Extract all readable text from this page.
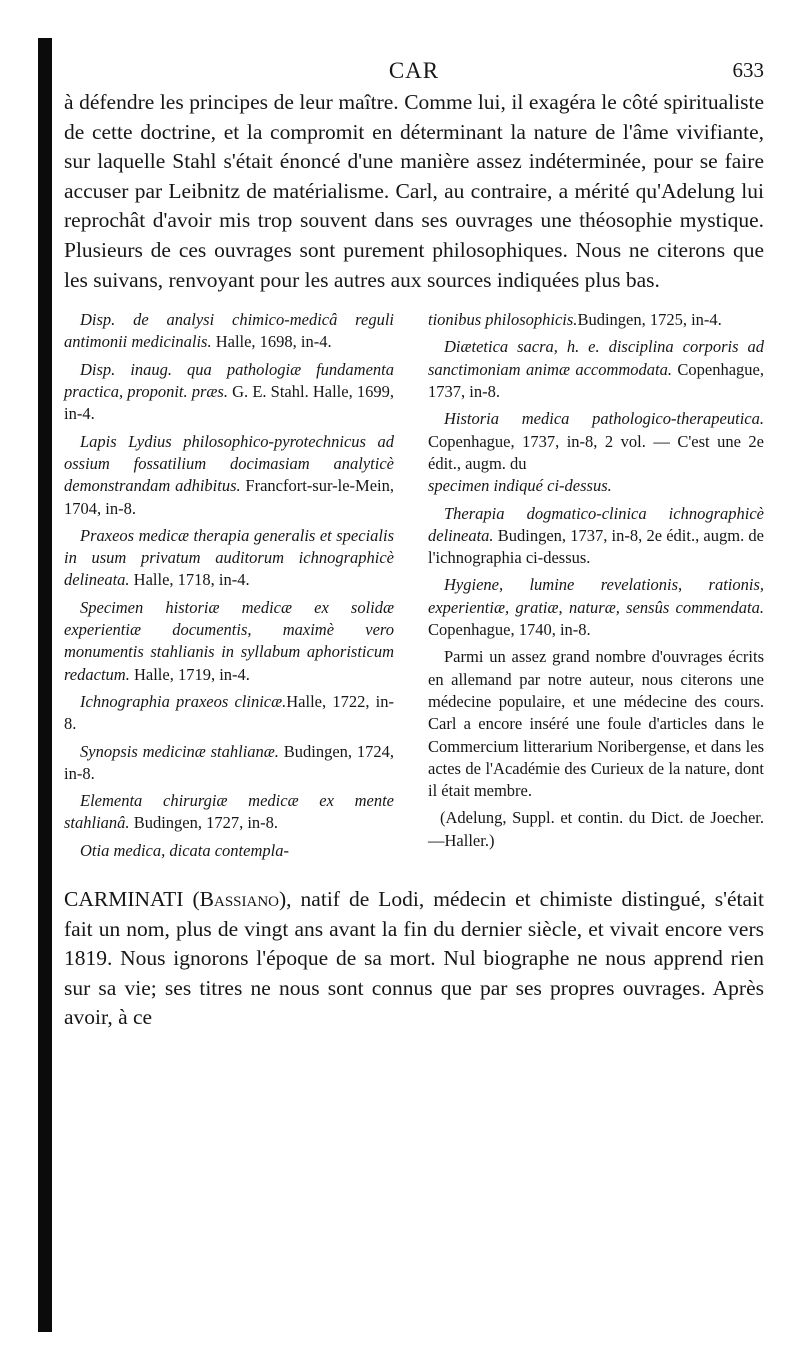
CAR	633

à défendre les principes de leur maître. Comme lui, il exagéra le côté spiritualiste de cette doctrine, et la compromit en déterminant la nature de l'âme vivifiante, sur laquelle Stahl s'était énoncé d'une manière assez indéterminée, pour se faire accuser par Leibnitz de matérialisme. Carl, au contraire, a mérité qu'Adelung lui reprochât d'avoir mis trop souvent dans ses ouvrages une théosophie mystique. Plusieurs de ces ouvrages sont purement philosophiques. Nous ne citerons que les suivans, renvoyant pour les autres aux sources indiquées plus bas.

Disp. de analysi chimico-medicâ reguli antimonii medicinalis. Halle, 1698, in-4.

Disp. inaug. qua pathologiæ fundamenta practica, proponit. præs. G. E. Stahl. Halle, 1699, in-4.

Lapis Lydius philosophico-pyrotechnicus ad ossium fossatilium docimasiam analyticè demonstrandam adhibitus. Francfort-sur-le-Mein, 1704, in-8.

Praxeos medicæ therapia generalis et specialis in usum privatum auditorum ichnographicè delineata. Halle, 1718, in-4.

Specimen historiæ medicæ ex solidæ experientiæ documentis, maximè vero monumentis stahlianis in syllabum aphoristicum redactum. Halle, 1719, in-4.

Ichnographia praxeos clinicæ.Halle, 1722, in-8.

Synopsis medicinæ stahlianæ. Budingen, 1724, in-8.

Elementa chirurgiæ medicæ ex mente stahlianâ. Budingen, 1727, in-8.

Otia medica, dicata contempla-

tionibus philosophicis.Budingen, 1725, in-4.

Diætetica sacra, h. e. disciplina corporis ad sanctimoniam animæ accommodata. Copenhague, 1737, in-8.

Historia medica pathologico-therapeutica. Copenhague, 1737, in-8, 2 vol. — C'est une 2e édit., augm. du
specimen indiqué ci-dessus.

Therapia dogmatico-clinica ichnographicè delineata. Budingen, 1737, in-8, 2e édit., augm. de l'ichnographia ci-dessus.

Hygiene, lumine revelationis, rationis, experientiæ, gratiæ, naturæ, sensûs commendata. Copenhague, 1740, in-8.

Parmi un assez grand nombre d'ouvrages écrits en allemand par notre auteur, nous citerons une médecine populaire, et une médecine des cours. Carl a encore inséré une foule d'articles dans le Commercium litterarium Noribergense, et dans les actes de l'Académie des Curieux de la nature, dont il était membre.

(Adelung, Suppl. et contin. du Dict. de Joecher.—Haller.)

CARMINATI (Bassiano), natif de Lodi, médecin et chimiste distingué, s'était fait un nom, plus de vingt ans avant la fin du dernier siècle, et vivait encore vers 1819. Nous ignorons l'époque de sa mort. Nul biographe ne nous apprend rien sur sa vie; ses titres ne nous sont connus que par ses propres ouvrages. Après avoir, à ce
